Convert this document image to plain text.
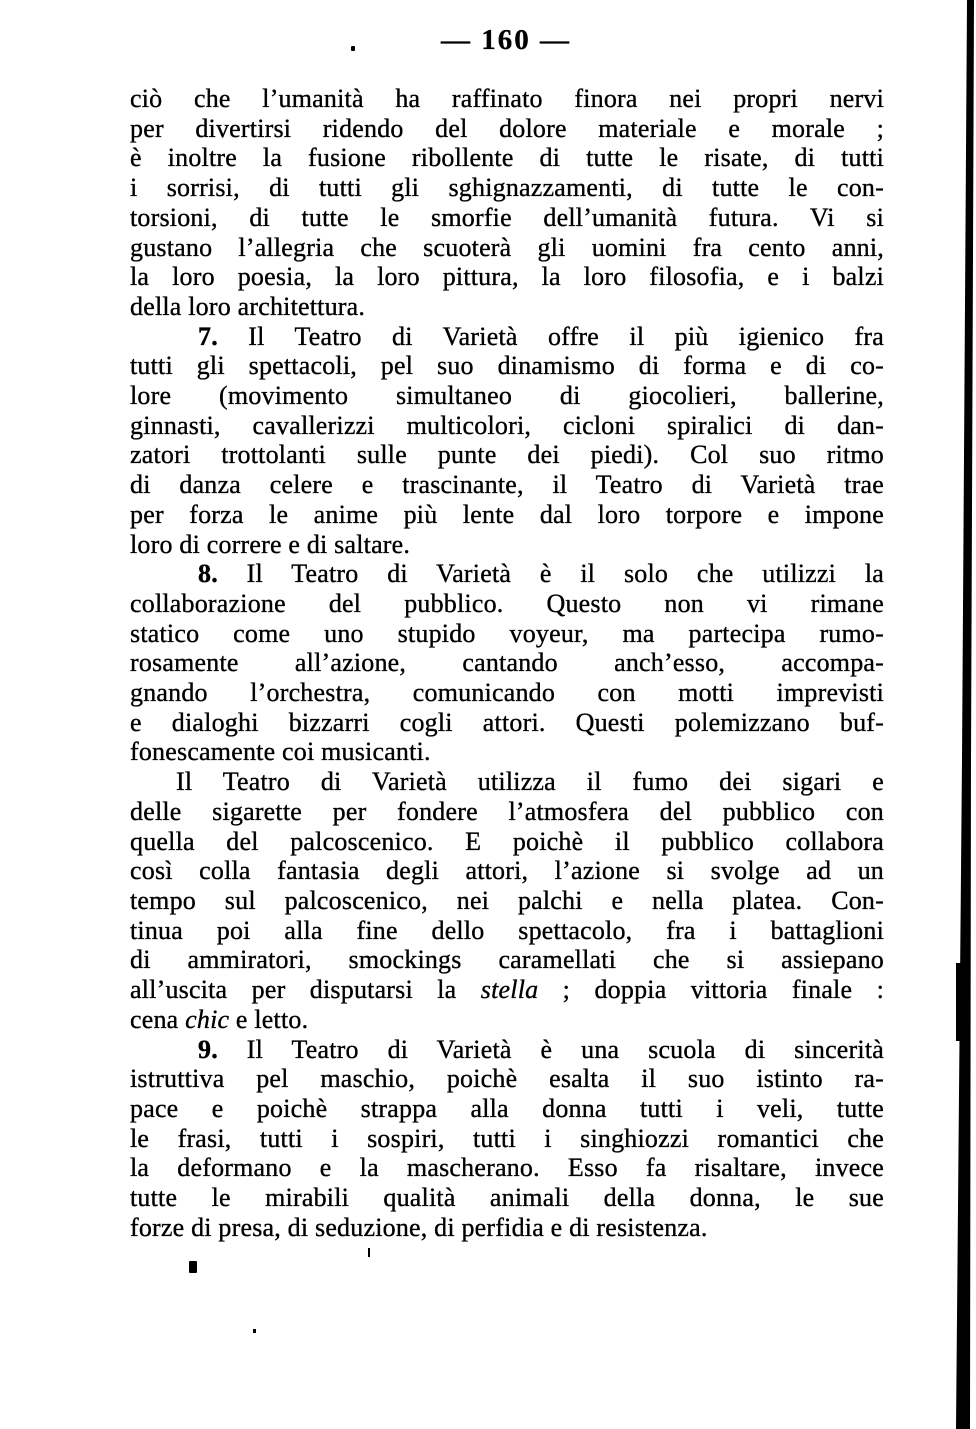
— 160 —
ciò che l’umanità ha raffinato finora nei propri nervi
per divertirsi ridendo del dolore materiale e morale ;
è inoltre la fusione ribollente di tutte le risate, di tutti
i sorrisi, di tutti gli sghignazzamenti, di tutte le con-
torsioni, di tutte le smorfie dell’umanità futura. Vi si
gustano l’allegria che scuoterà gli uomini fra cento anni,
la loro poesia, la loro pittura, la loro filosofia, e i balzi
della loro architettura.
7. Il Teatro di Varietà offre il più igienico fra
tutti gli spettacoli, pel suo dinamismo di forma e di co-
lore (movimento simultaneo di giocolieri, ballerine,
ginnasti, cavallerizzi multicolori, cicloni spiralici di dan-
zatori trottolanti sulle punte dei piedi). Col suo ritmo
di danza celere e trascinante, il Teatro di Varietà trae
per forza le anime più lente dal loro torpore e impone
loro di correre e di saltare.
8. Il Teatro di Varietà è il solo che utilizzi la
collaborazione del pubblico. Questo non vi rimane
statico come uno stupido voyeur, ma partecipa rumo-
rosamente all’azione, cantando anch’esso, accompa-
gnando l’orchestra, comunicando con motti imprevisti
e dialoghi bizzarri cogli attori. Questi polemizzano buf-
fonescamente coi musicanti.
Il Teatro di Varietà utilizza il fumo dei sigari e
delle sigarette per fondere l’atmosfera del pubblico con
quella del palcoscenico. E poichè il pubblico collabora
così colla fantasia degli attori, l’azione si svolge ad un
tempo sul palcoscenico, nei palchi e nella platea. Con-
tinua poi alla fine dello spettacolo, fra i battaglioni
di ammiratori, smockings caramellati che si assiepano
all’uscita per disputarsi la stella ; doppia vittoria finale :
cena chic e letto.
9. Il Teatro di Varietà è una scuola di sincerità
istruttiva pel maschio, poichè esalta il suo istinto ra-
pace e poichè strappa alla donna tutti i veli, tutte
le frasi, tutti i sospiri, tutti i singhiozzi romantici che
la deformano e la mascherano. Esso fa risaltare, invece
tutte le mirabili qualità animali della donna, le sue
forze di presa, di seduzione, di perfidia e di resistenza.
